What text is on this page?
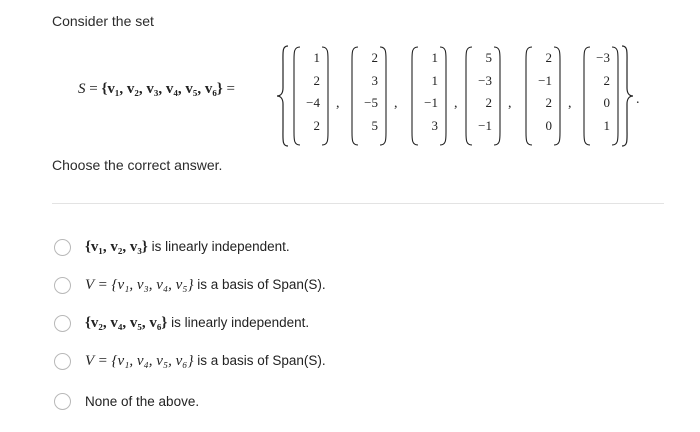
Consider the set
S = {v₁, v₂, v₃, v₄, v₅, v₆} =
.
1
2
−4
2
,
2
3
−5
5
,
1
1
−1
3
,
5
−3
2
−1
,
2
−1
2
0
,
−3
2
0
1
Choose the correct answer.
{v₁, v₂, v₃} is linearly independent.
V = {v₁, v₃, v₄, v₅} is a basis of Span(S).
{v₂, v₄, v₅, v₆} is linearly independent.
V = {v₁, v₄, v₅, v₆} is a basis of Span(S).
None of the above.
